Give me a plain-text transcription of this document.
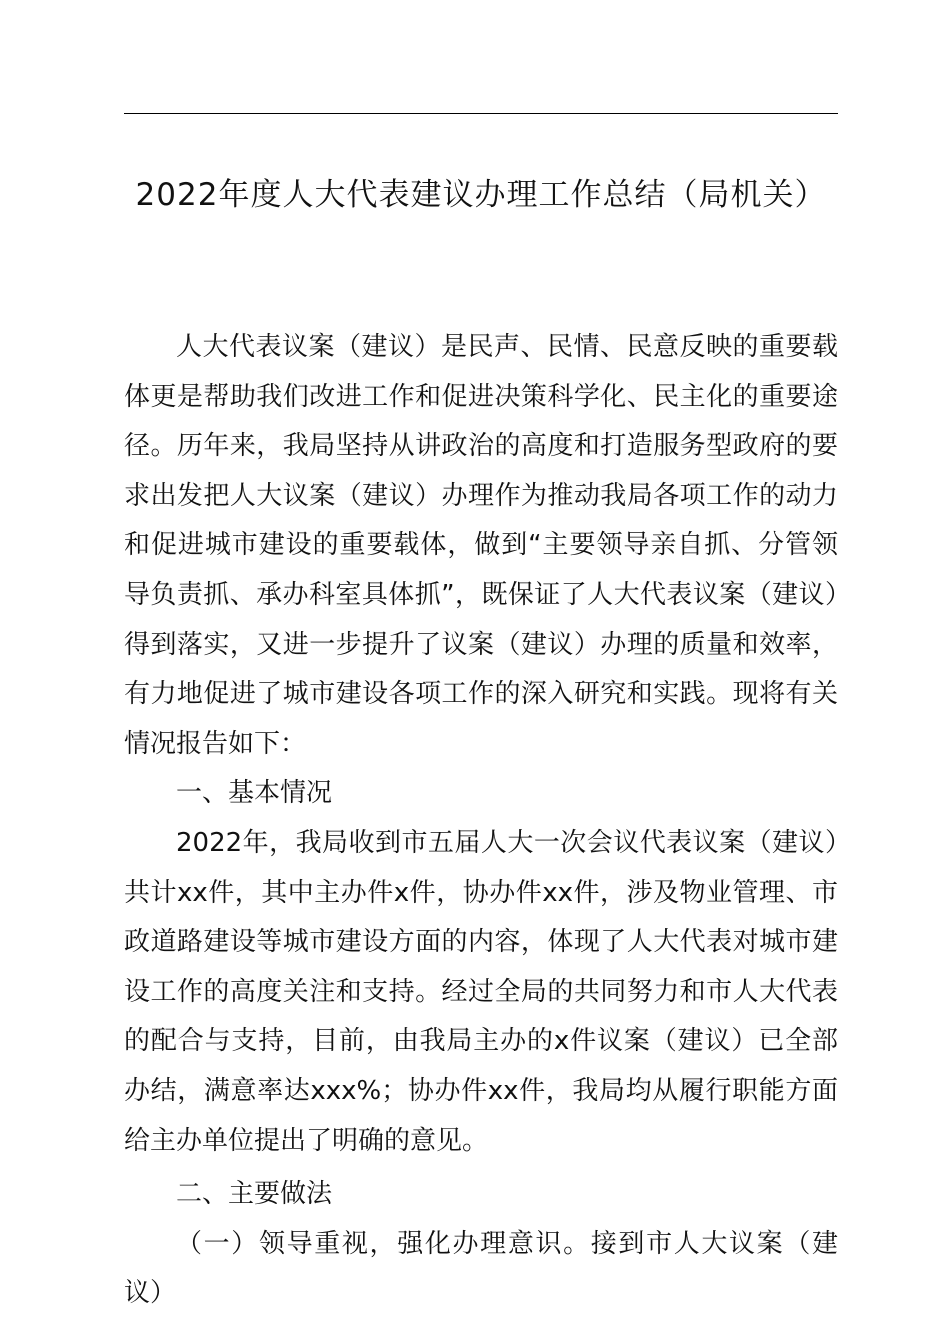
2022年度人大代表建议办理工作总结（局机关）

人大代表议案（建议）是民声、民情、民意反映的重要载体更是帮助我们改进工作和促进决策科学化、民主化的重要途径。历年来，我局坚持从讲政治的高度和打造服务型政府的要求出发把人大议案（建议）办理作为推动我局各项工作的动力和促进城市建设的重要载体，做到“主要领导亲自抓、分管领导负责抓、承办科室具体抓”，既保证了人大代表议案（建议）得到落实，又进一步提升了议案（建议）办理的质量和效率，有力地促进了城市建设各项工作的深入研究和实践。现将有关情况报告如下：

一、基本情况

2022年，我局收到市五届人大一次会议代表议案（建议）共计xx件，其中主办件x件，协办件xx件，涉及物业管理、市政道路建设等城市建设方面的内容，体现了人大代表对城市建设工作的高度关注和支持。经过全局的共同努力和市人大代表的配合与支持，目前，由我局主办的x件议案（建议）已全部办结，满意率达xxx%；协办件xx件，我局均从履行职能方面给主办单位提出了明确的意见。

二、主要做法

（一）领导重视，强化办理意识。接到市人大议案（建议）
